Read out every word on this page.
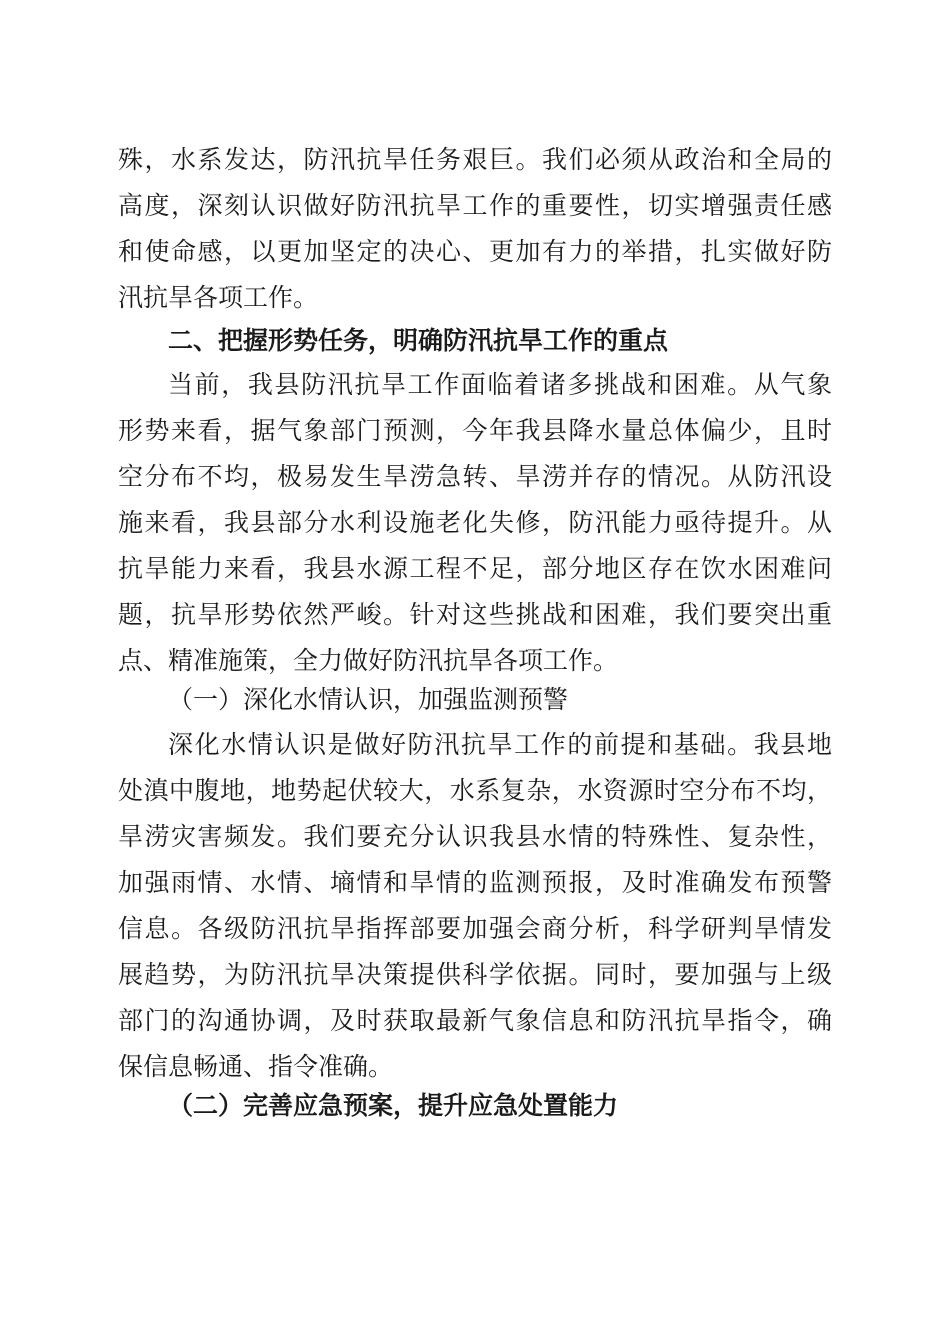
殊，水系发达，防汛抗旱任务艰巨。我们必须从政治和全局的
高度，深刻认识做好防汛抗旱工作的重要性，切实增强责任感
和使命感，以更加坚定的决心、更加有力的举措，扎实做好防
汛抗旱各项工作。
二、把握形势任务，明确防汛抗旱工作的重点
当前，我县防汛抗旱工作面临着诸多挑战和困难。从气象
形势来看，据气象部门预测，今年我县降水量总体偏少，且时
空分布不均，极易发生旱涝急转、旱涝并存的情况。从防汛设
施来看，我县部分水利设施老化失修，防汛能力亟待提升。从
抗旱能力来看，我县水源工程不足，部分地区存在饮水困难问
题，抗旱形势依然严峻。针对这些挑战和困难，我们要突出重
点、精准施策，全力做好防汛抗旱各项工作。
（一）深化水情认识，加强监测预警
深化水情认识是做好防汛抗旱工作的前提和基础。我县地
处滇中腹地，地势起伏较大，水系复杂，水资源时空分布不均，
旱涝灾害频发。我们要充分认识我县水情的特殊性、复杂性，
加强雨情、水情、墒情和旱情的监测预报，及时准确发布预警
信息。各级防汛抗旱指挥部要加强会商分析，科学研判旱情发
展趋势，为防汛抗旱决策提供科学依据。同时，要加强与上级
部门的沟通协调，及时获取最新气象信息和防汛抗旱指令，确
保信息畅通、指令准确。
（二）完善应急预案，提升应急处置能力
